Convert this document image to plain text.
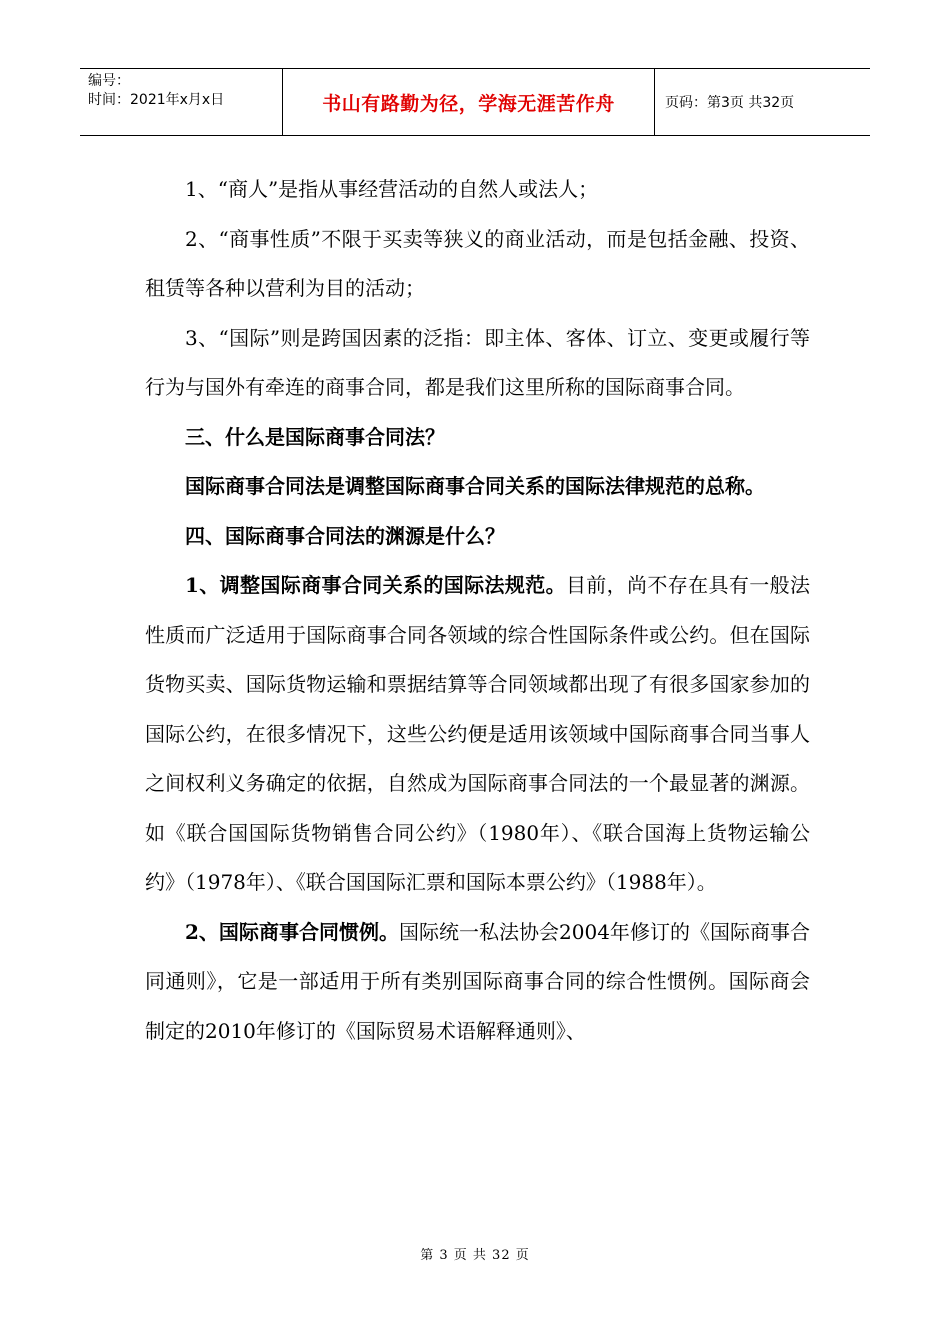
编号：
时间：2021年x月x日	书山有路勤为径，学海无涯苦作舟	页码：第3页 共32页

1、“商人”是指从事经营活动的自然人或法人；

2、“商事性质”不限于买卖等狭义的商业活动，而是包括金融、投资、租赁等各种以营利为目的活动；

3、“国际”则是跨国因素的泛指：即主体、客体、订立、变更或履行等行为与国外有牵连的商事合同，都是我们这里所称的国际商事合同。

三、什么是国际商事合同法？

国际商事合同法是调整国际商事合同关系的国际法律规范的总称。

四、国际商事合同法的渊源是什么？

1、调整国际商事合同关系的国际法规范。目前，尚不存在具有一般法性质而广泛适用于国际商事合同各领域的综合性国际条件或公约。但在国际货物买卖、国际货物运输和票据结算等合同领域都出现了有很多国家参加的国际公约，在很多情况下，这些公约便是适用该领域中国际商事合同当事人之间权利义务确定的依据，自然成为国际商事合同法的一个最显著的渊源。如《联合国国际货物销售合同公约》（1980年）、《联合国海上货物运输公约》（1978年）、《联合国国际汇票和国际本票公约》（1988年）。

2、国际商事合同惯例。国际统一私法协会2004年修订的《国际商事合同通则》，它是一部适用于所有类别国际商事合同的综合性惯例。国际商会制定的2010年修订的《国际贸易术语解释通则》、

第 3 页 共 32 页
